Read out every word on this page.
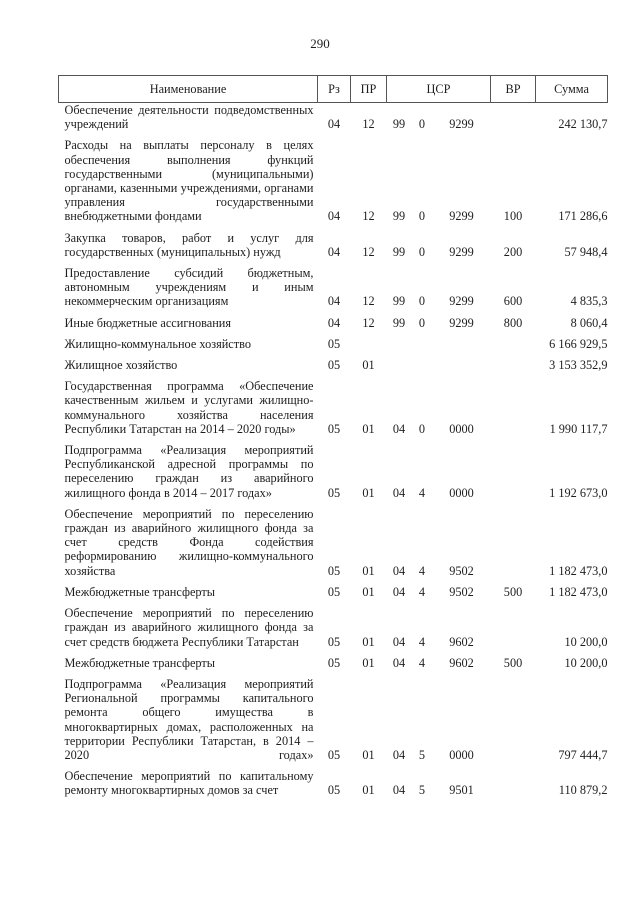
290
Наименование	Рз	ПР	ЦСР			ВР	Сумма
Обеспечение деятельности подведомственных учреждений	04	12	99	0	9299		242 130,7
Расходы на выплаты персоналу в целях обеспечения выполнения функций государственными (муниципальными) органами, казенными учреждениями, органами управления государственными внебюджетными фондами	04	12	99	0	9299	100	171 286,6
Закупка товаров, работ и услуг для государственных (муниципальных) нужд	04	12	99	0	9299	200	57 948,4
Предоставление субсидий бюджетным, автономным учреждениям и иным некоммерческим организациям	04	12	99	0	9299	600	4 835,3
Иные бюджетные ассигнования	04	12	99	0	9299	800	8 060,4
Жилищно-коммунальное хозяйство	05						6 166 929,5
Жилищное хозяйство	05	01					3 153 352,9
Государственная программа «Обеспечение качественным жильем и услугами жилищно-коммунального хозяйства населения Республики Татарстан на 2014 – 2020 годы»	05	01	04	0	0000		1 990 117,7
Подпрограмма «Реализация мероприятий Республиканской адресной программы по переселению граждан из аварийного жилищного фонда в 2014 – 2017 годах»	05	01	04	4	0000		1 192 673,0
Обеспечение мероприятий по переселению граждан из аварийного жилищного фонда за счет средств Фонда содействия реформированию жилищно-коммунального хозяйства	05	01	04	4	9502		1 182 473,0
Межбюджетные трансферты	05	01	04	4	9502	500	1 182 473,0
Обеспечение мероприятий по переселению граждан из аварийного жилищного фонда за счет средств бюджета Республики Татарстан	05	01	04	4	9602		10 200,0
Межбюджетные трансферты	05	01	04	4	9602	500	10 200,0
Подпрограмма «Реализация мероприятий Региональной программы капитального ремонта общего имущества в многоквартирных домах, расположенных на территории Республики Татарстан, в 2014 – 2020 годах»	05	01	04	5	0000		797 444,7
Обеспечение мероприятий по капитальному ремонту многоквартирных домов за счет	05	01	04	5	9501		110 879,2
